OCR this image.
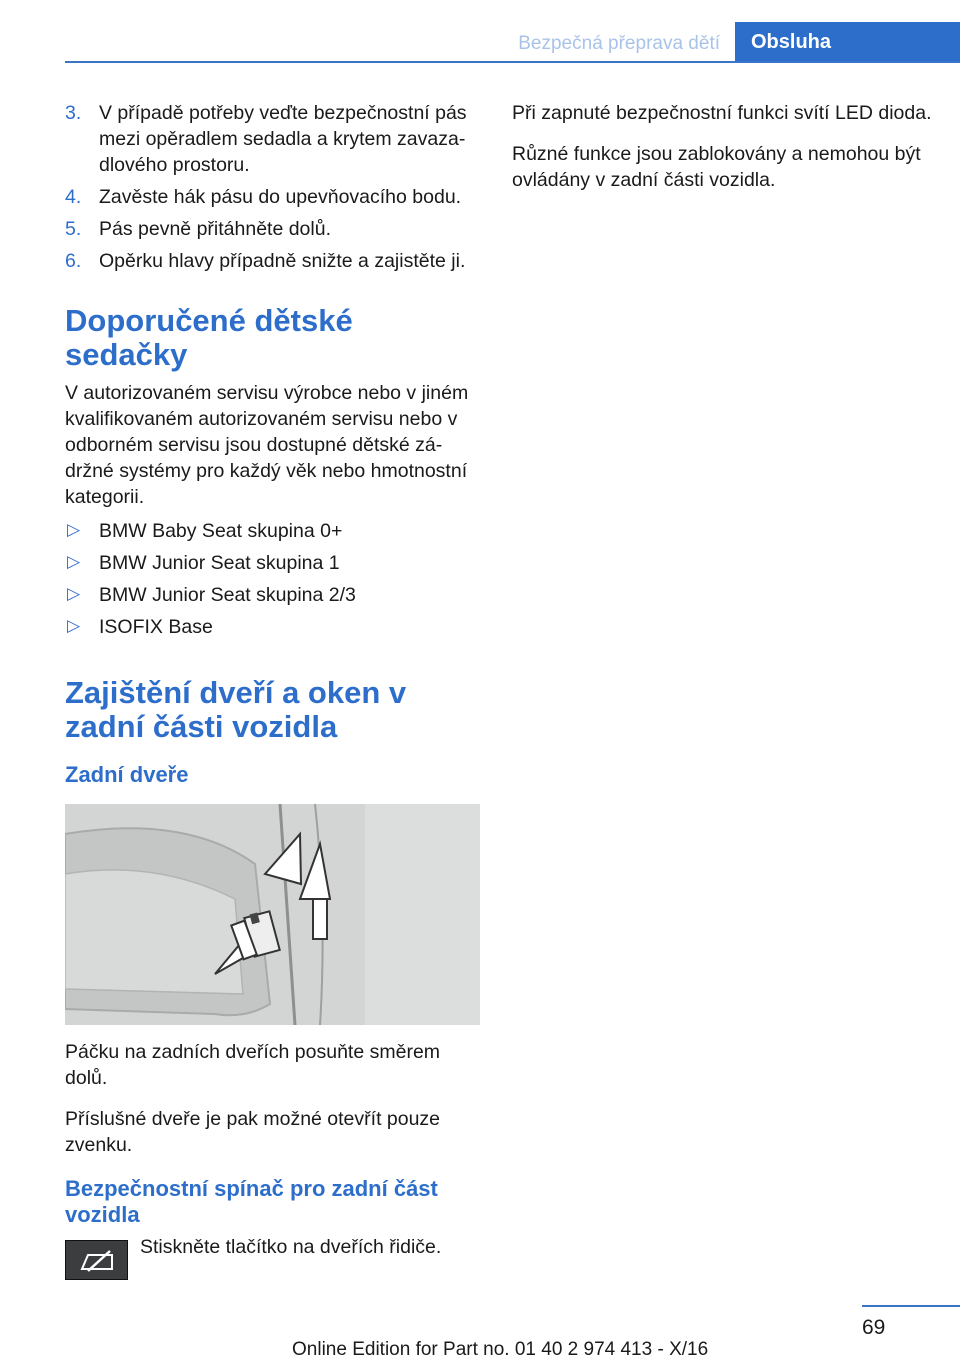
Bezpečná přeprava dětí	Obsluha
3. V případě potřeby veďte bezpečnostní pás mezi opěradlem sedadla a krytem zavaza‐dlového prostoru.
4. Zavěste hák pásu do upevňovacího bodu.
5. Pás pevně přitáhněte dolů.
6. Opěrku hlavy případně snižte a zajistěte ji.
Doporučené dětské sedačky

V autorizovaném servisu výrobce nebo v jiném kvalifikovaném autorizovaném servisu nebo v odborném servisu jsou dostupné dětské zá‐držné systémy pro každý věk nebo hmotnostní kategorii.

▷ BMW Baby Seat skupina 0+
▷ BMW Junior Seat skupina 1
▷ BMW Junior Seat skupina 2/3
▷ ISOFIX Base
Zajištění dveří a oken v zadní části vozidla
Zadní dveře

Páčku na zadních dveřích posuňte směrem dolů.

Příslušné dveře je pak možné otevřít pouze zvenku.

Bezpečnostní spínač pro zadní část vozidla
Stiskněte tlačítko na dveřích řidiče.

Při zapnuté bezpečnostní funkci svítí LED dioda.

Různé funkce jsou zablokovány a nemohou být ovládány v zadní části vozidla.

69
Online Edition for Part no. 01 40 2 974 413 - X/16
